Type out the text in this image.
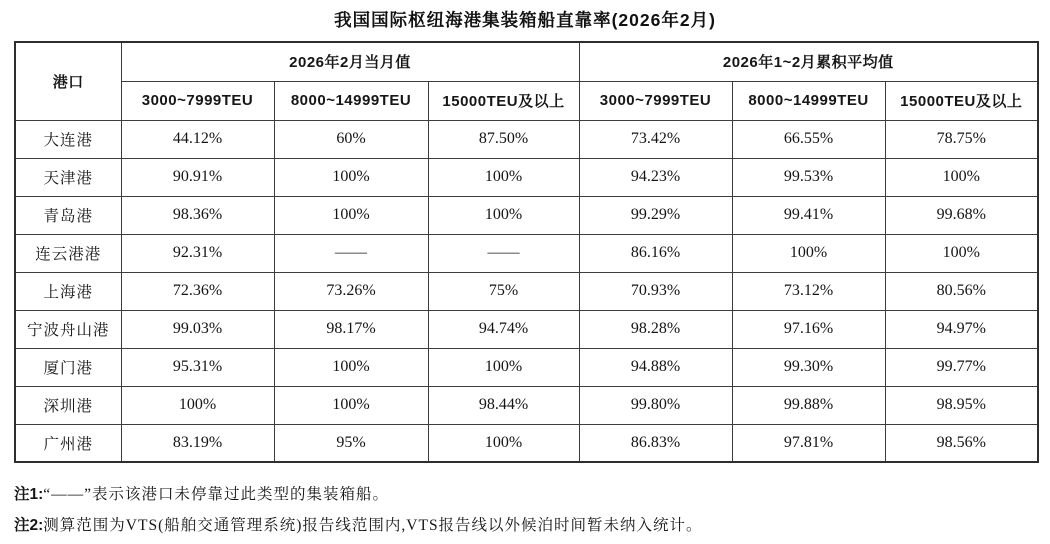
我国国际枢纽海港集装箱船直靠率(2026年2月)
港口	2026年2月当月值			2026年1~2月累积平均值		
	3000~7999TEU	8000~14999TEU	15000TEU及以上	3000~7999TEU	8000~14999TEU	15000TEU及以上
大连港	44.12%	60%	87.50%	73.42%	66.55%	78.75%
天津港	90.91%	100%	100%	94.23%	99.53%	100%
青岛港	98.36%	100%	100%	99.29%	99.41%	99.68%
连云港港	92.31%	——	——	86.16%	100%	100%
上海港	72.36%	73.26%	75%	70.93%	73.12%	80.56%
宁波舟山港	99.03%	98.17%	94.74%	98.28%	97.16%	94.97%
厦门港	95.31%	100%	100%	94.88%	99.30%	99.77%
深圳港	100%	100%	98.44%	99.80%	99.88%	98.95%
广州港	83.19%	95%	100%	86.83%	97.81%	98.56%
注1:“——”表示该港口未停靠过此类型的集装箱船。
注2:测算范围为VTS(船舶交通管理系统)报告线范围内,VTS报告线以外候泊时间暂未纳入统计。
